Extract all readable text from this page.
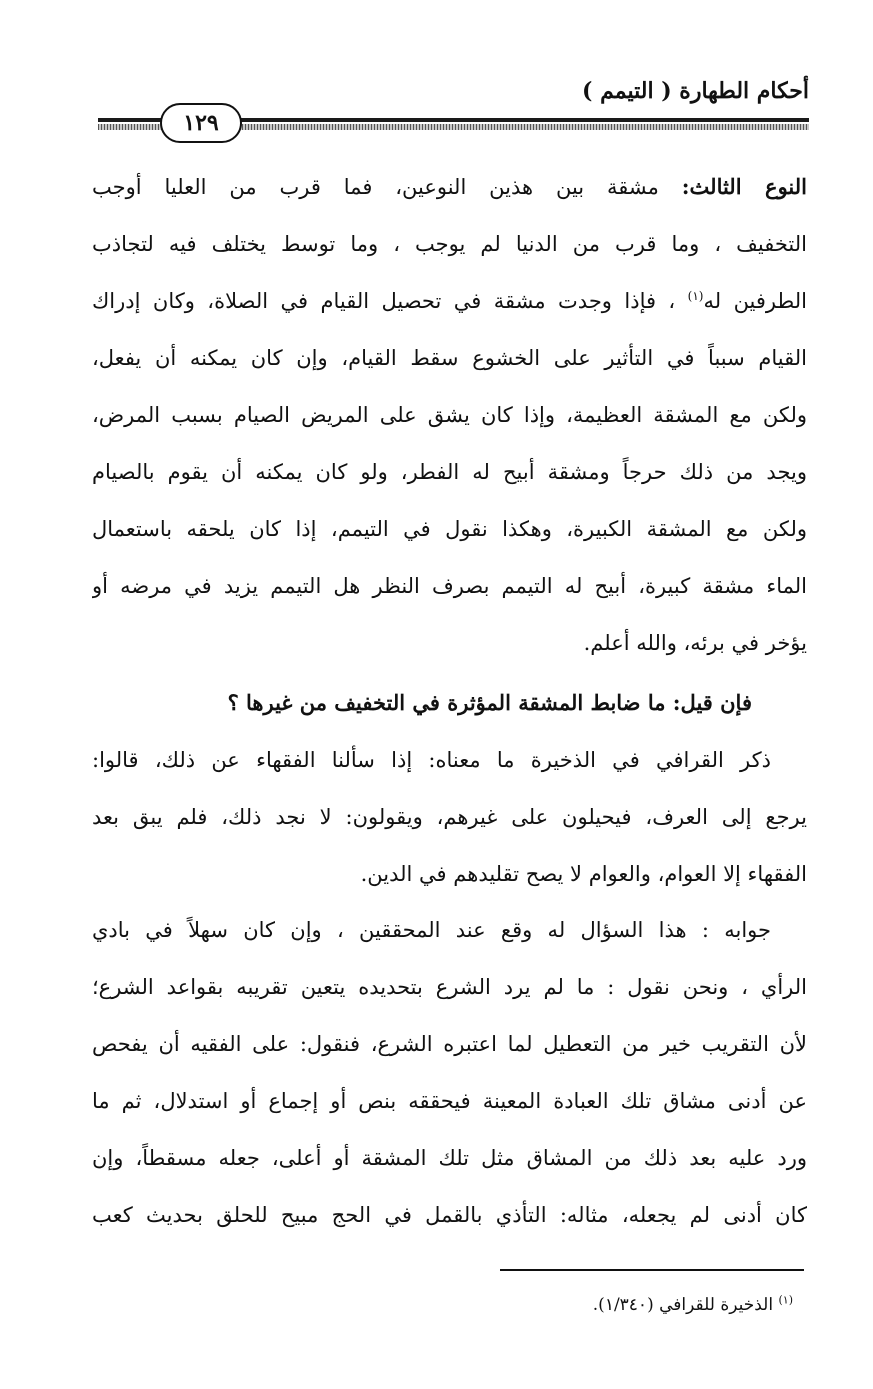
أحكام الطهارة ( التيمم )
١٢٩
النوع الثالث: مشقة بين هذين النوعين، فما قرب من العليا أوجب
التخفيف ، وما قرب من الدنيا لم يوجب ، وما توسط يختلف فيه لتجاذب
الطرفين له$^{(١)}$ ، فإذا وجدت مشقة في تحصيل القيام في الصلاة، وكان إدراك
القيام سبباً في التأثير على الخشوع سقط القيام، وإن كان يمكنه أن يفعل،
ولكن مع المشقة العظيمة، وإذا كان يشق على المريض الصيام بسبب المرض،
ويجد من ذلك حرجاً ومشقة أبيح له الفطر، ولو كان يمكنه أن يقوم بالصيام
ولكن مع المشقة الكبيرة، وهكذا نقول في التيمم، إذا كان يلحقه باستعمال
الماء مشقة كبيرة، أبيح له التيمم بصرف النظر هل التيمم يزيد في مرضه أو
يؤخر في برئه، والله أعلم.
فإن قيل: ما ضابط المشقة المؤثرة في التخفيف من غيرها ؟
ذكر القرافي في الذخيرة ما معناه: إذا سألنا الفقهاء عن ذلك، قالوا:
يرجع إلى العرف، فيحيلون على غيرهم، ويقولون: لا نجد ذلك، فلم يبق بعد
الفقهاء إلا العوام، والعوام لا يصح تقليدهم في الدين.
جوابه : هذا السؤال له وقع عند المحققين ، وإن كان سهلاً في بادي
الرأي ، ونحن نقول : ما لم يرد الشرع بتحديده يتعين تقريبه بقواعد الشرع؛
لأن التقريب خير من التعطيل لما اعتبره الشرع، فنقول: على الفقيه أن يفحص
عن أدنى مشاق تلك العبادة المعينة فيحققه بنص أو إجماع أو استدلال، ثم ما
ورد عليه بعد ذلك من المشاق مثل تلك المشقة أو أعلى، جعله مسقطاً، وإن
كان أدنى لم يجعله، مثاله: التأذي بالقمل في الحج مبيح للحلق بحديث كعب
$^{(١)}$ الذخيرة للقرافي (١/٣٤٠).
